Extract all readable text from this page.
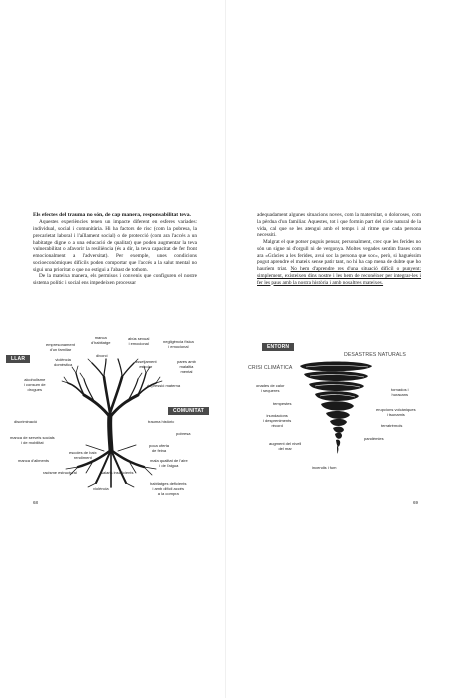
Els efectes del trauma no són, de cap manera, responsabilitat teva.

Aquestes experiències tenen un impacte diferent en esferes variades: individual, social i comunitària. Hi ha factors de risc (com la pobresa, la precarietat laboral i l'aïllament social) o de protecció (com ara l'accés a un habitatge digne o a una educació de qualitat) que poden augmentar la teva vulnerabilitat o afavorir la resiliència (és a dir, la teva capacitat de fer front emocionalment a l'adversitat). Per exemple, unes condicions socioeconòmiques difícils poden comportar que l'accés a la salut mental no sigui una prioritat o que no estigui a l'abast de tothom.

De la mateixa manera, els permisos i convenis que configuren el nostre sistema polític i social ens impedeixen processar

LLAR
empresonament
d'un familiar
manca
d'habitatge
abús sexual
i emocional	negligència física
i emocional
violència
domèstica
divorci
assetjament
escolar
pares amb
malaltia
mental
alcoholisme
i consum de
drogues
depressió materna
COMUNITAT
discriminació	trauma històric
pobresa
manca de serveis socials
i de mobilitat
escoles de baix
rendiment
poca oferta
de feina
manca d'aliments	mala qualitat de l'aire
i de l'aigua
racisme estructural	salaris insuficients
violència
habitatges deficients
i amb difícil accés
a la compra
68

adequadament algunes situacions noves, com la maternitat, o doloroses, com la pèrdua d'un familiar. Aquestes, tot i que formin part del cicle natural de la vida, cal que se les atengui amb el temps i al ritme que cada persona necessiti.

Malgrat el que potser puguis pensar, personalment, crec que les ferides no són un signe ni d'orgull ni de vergonya. Moltes vegades sentim frases com ara «Gràcies a les ferides, avui soc la persona que soc», però, si haguéssim pogut aprendre el mateix sense patir tant, no hi ha cap mena de dubte que ho hauríem triat. No hem d'aprendre res d'una situació difícil o punyent: simplement, existeixen dins nostre i les hem de reconèixer per integrar-les i fer les paus amb la nostra història i amb nosaltres mateixes.

ENTORN
DESASTRES NATURALS
CRISI CLIMÀTICA
onades de calor
i sequeres
tempestes
inundacions
i despreniments
rècord
augment del nivell
del mar
incendis i fum
tornados i
huracans
erupcions volcàniques
i tsunamis
terratrèmols
pandèmies
69
